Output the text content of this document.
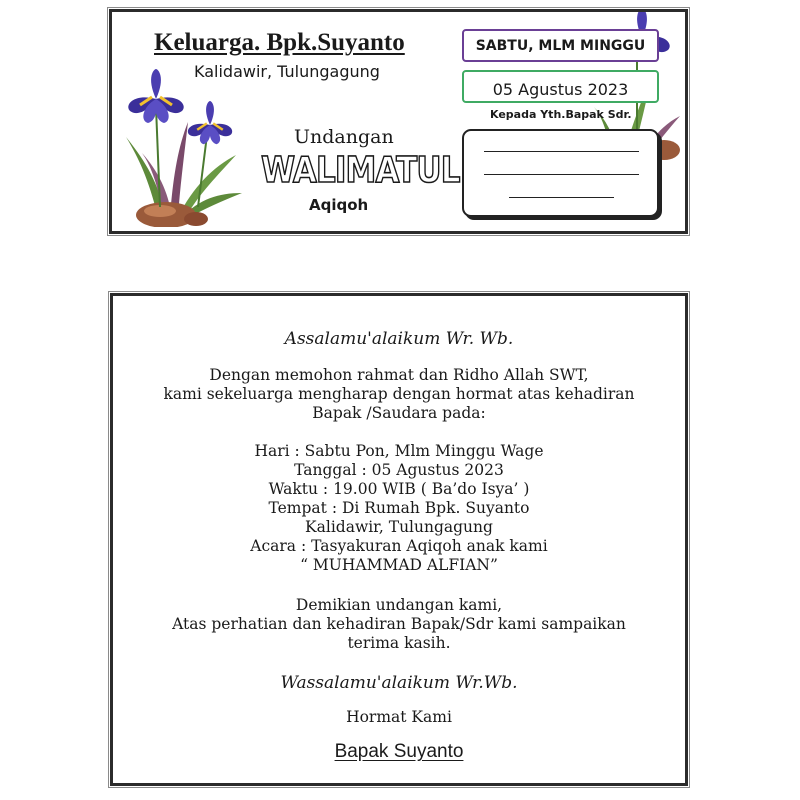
Keluarga. Bpk.Suyanto
Kalidawir, Tulungagung
Undangan
WALIMATUL
Aqiqoh
SABTU, MLM MINGGU
05 Agustus 2023
Kepada Yth.Bapak Sdr.
Assalamu'alaikum Wr. Wb.
Dengan memohon rahmat dan Ridho Allah SWT,
kami sekeluarga mengharap dengan hormat atas kehadiran
Bapak /Saudara pada:
Hari : Sabtu Pon, Mlm Minggu Wage
Tanggal : 05 Agustus 2023
Waktu : 19.00 WIB ( Ba’do Isya’ )
Tempat : Di Rumah Bpk. Suyanto
Kalidawir, Tulungagung
Acara : Tasyakuran Aqiqoh anak kami
“ MUHAMMAD ALFIAN”
Demikian undangan kami,
Atas perhatian dan kehadiran Bapak/Sdr kami sampaikan
terima kasih.
Wassalamu'alaikum Wr.Wb.
Hormat Kami
Bapak Suyanto
